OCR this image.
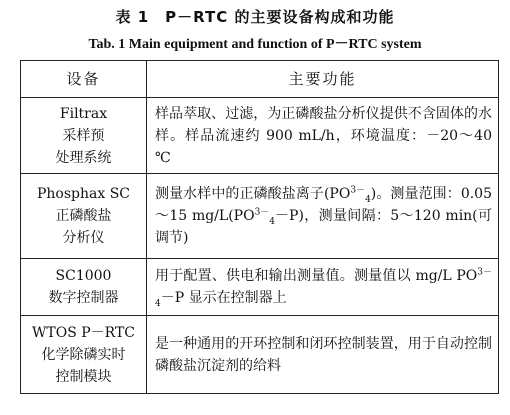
表 1　P－RTC 的主要设备构成和功能
Tab. 1 Main equipment and function of P－RTC system
设备	主要功能

Filtrax
采样预
处理系统	样品萃取、过滤，为正磷酸盐分析仪提供不含固体的水样。样品流速约 900 mL/h，环境温度：－20～40 ℃

Phosphax SC
正磷酸盐
分析仪	测量水样中的正磷酸盐离子$(PO^{3-}_4)$。测量范围：0.05～15 $mg/L(PO^{3-}_4-P)$，测量间隔：5～120 min(可调节)

SC1000
数字控制器	用于配置、供电和输出测量值。测量值以 mg/L $PO^{3-}_4-P$ 显示在控制器上

WTOS P－RTC
化学除磷实时
控制模块	是一种通用的开环控制和闭环控制装置，用于自动控制磷酸盐沉淀剂的给料
